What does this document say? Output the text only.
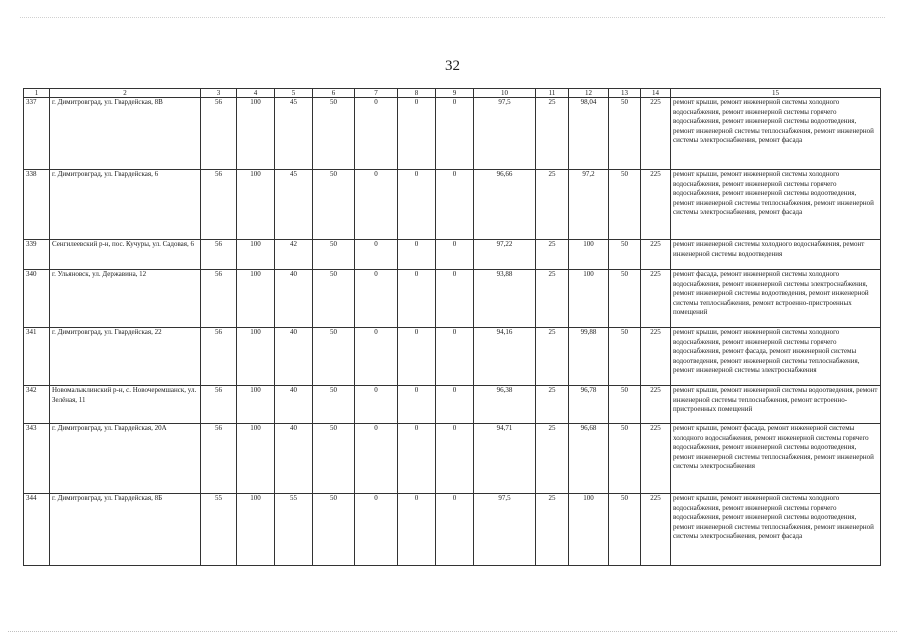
32
1	2	3	4	5	6	7	8	9	10	11	12	13	14	15
337	г. Димитровград, ул. Гвардейская, 8В	56	100	45	50	0	0	0	97,5	25	98,04	50	225	ремонт крыши, ремонт инженерной системы холодного водоснабжения, ремонт инженерной системы горячего водоснабжения, ремонт инженерной системы водоотведения, ремонт инженерной системы теплоснабжения, ремонт инженерной системы электроснабжения, ремонт фасада
338	г. Димитровград, ул. Гвардейская, 6	56	100	45	50	0	0	0	96,66	25	97,2	50	225	ремонт крыши, ремонт инженерной системы холодного водоснабжения, ремонт инженерной системы горячего водоснабжения, ремонт инженерной системы водоотведения, ремонт инженерной системы теплоснабжения, ремонт инженерной системы электроснабжения, ремонт фасада
339	Сенгилеевский р-н, пос. Кучуры, ул. Садовая, 6	56	100	42	50	0	0	0	97,22	25	100	50	225	ремонт инженерной системы холодного водоснабжения, ремонт инженерной системы водоотведения
340	г. Ульяновск, ул. Державина, 12	56	100	40	50	0	0	0	93,88	25	100	50	225	ремонт фасада, ремонт инженерной системы холодного водоснабжения, ремонт инженерной системы электроснабжения, ремонт инженерной системы водоотведения, ремонт инженерной системы теплоснабжения, ремонт встроенно-пристроенных помещений
341	г. Димитровград, ул. Гвардейская, 22	56	100	40	50	0	0	0	94,16	25	99,88	50	225	ремонт крыши, ремонт инженерной системы холодного водоснабжения, ремонт инженерной системы горячего водоснабжения, ремонт фасада, ремонт инженерной системы водоотведения, ремонт инженерной системы теплоснабжения, ремонт инженерной системы электроснабжения
342	Новомалыклинский р-н, с. Новочеремшанск, ул. Зелёная, 11	56	100	40	50	0	0	0	96,38	25	96,78	50	225	ремонт крыши, ремонт инженерной системы водоотведения, ремонт инженерной системы теплоснабжения, ремонт встроенно-пристроенных помещений
343	г. Димитровград, ул. Гвардейская, 20А	56	100	40	50	0	0	0	94,71	25	96,68	50	225	ремонт крыши, ремонт фасада, ремонт инженерной системы холодного водоснабжения, ремонт инженерной системы горячего водоснабжения, ремонт инженерной системы водоотведения, ремонт инженерной системы теплоснабжения, ремонт инженерной системы электроснабжения
344	г. Димитровград, ул. Гвардейская, 8Б	55	100	55	50	0	0	0	97,5	25	100	50	225	ремонт крыши, ремонт инженерной системы холодного водоснабжения, ремонт инженерной системы горячего водоснабжения, ремонт инженерной системы водоотведения, ремонт инженерной системы теплоснабжения, ремонт инженерной системы электроснабжения, ремонт фасада
